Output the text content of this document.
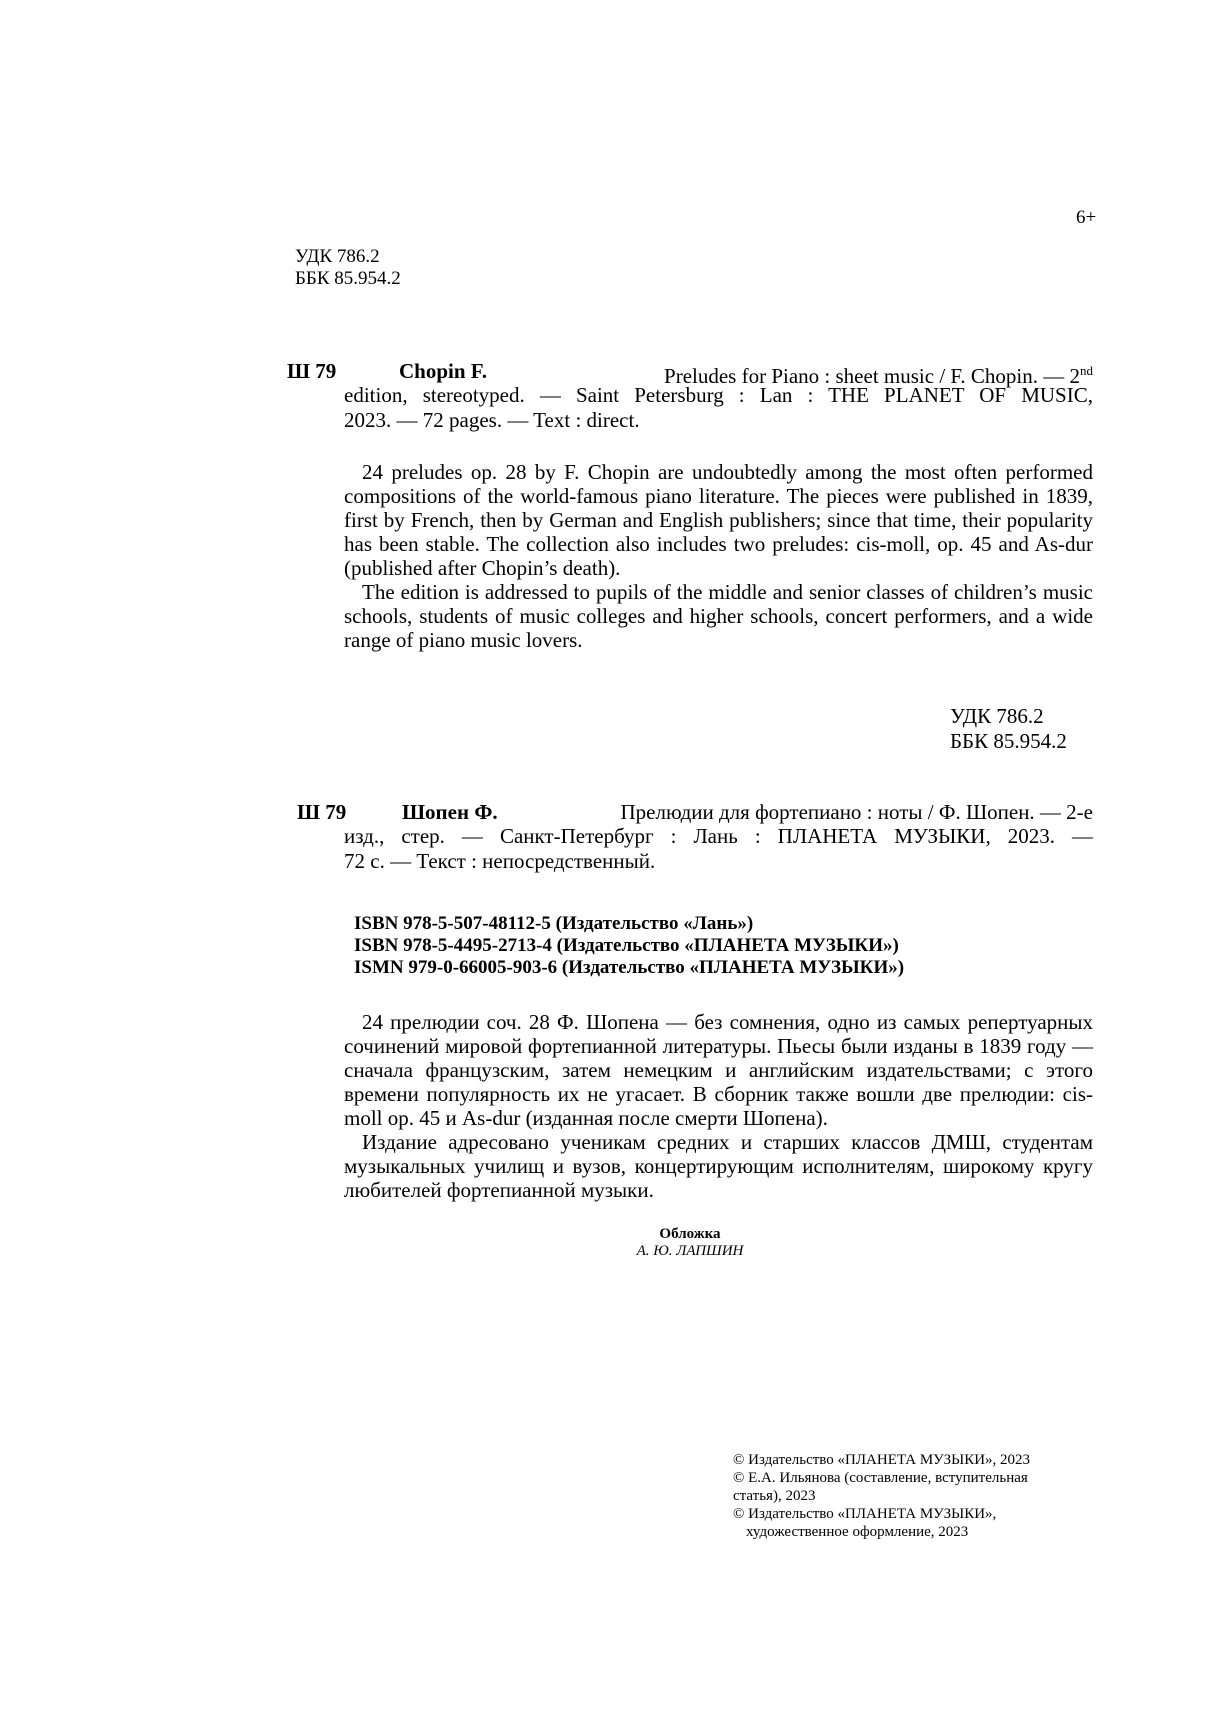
УДК 786.2
ББК 85.954.2
6+
Ш 79	Chopin F.	Preludes for Piano : sheet music / F. Chopin. — 2nd
edition, stereotyped. — Saint Petersburg : Lan : THE PLANET OF MUSIC,
2023. — 72 pages. — Text : direct.
24 preludes op. 28 by F. Chopin are undoubtedly among the most often performed compositions of the world-famous piano literature. The pieces were published in 1839, first by French, then by German and English publishers; since that time, their popularity has been stable. The collection also includes two preludes: cis-moll, op. 45 and As-dur (published after Chopin’s death).
The edition is addressed to pupils of the middle and senior classes of children’s music schools, students of music colleges and higher schools, concert performers, and a wide range of piano music lovers.
УДК 786.2
ББК 85.954.2
Ш 79	Шопен Ф.	Прелюдии для фортепиано : ноты / Ф. Шопен. — 2-е
изд., стер. — Санкт-Петербург : Лань : ПЛАНЕТА МУЗЫКИ, 2023. —
72 с. — Текст : непосредственный.
ISBN 978-5-507-48112-5 (Издательство «Лань»)
ISBN 978-5-4495-2713-4 (Издательство «ПЛАНЕТА МУЗЫКИ»)
ISMN 979-0-66005-903-6 (Издательство «ПЛАНЕТА МУЗЫКИ»)
24 прелюдии соч. 28 Ф. Шопена — без сомнения, одно из самых репертуарных сочинений мировой фортепианной литературы. Пьесы были изданы в 1839 году — сначала французским, затем немецким и английским издательствами; с этого времени популярность их не угасает. В сборник также вошли две прелюдии: cis-moll op. 45 и As-dur (изданная после смерти Шопена).
Издание адресовано ученикам средних и старших классов ДМШ, студентам музыкальных училищ и вузов, концертирующим исполнителям, широкому кругу любителей фортепианной музыки.
Обложка
А. Ю. ЛАПШИН
© Издательство «ПЛАНЕТА МУЗЫКИ», 2023
© Е.А. Ильянова (составление, вступительная
статья), 2023
© Издательство «ПЛАНЕТА МУЗЫКИ»,
художественное оформление, 2023
